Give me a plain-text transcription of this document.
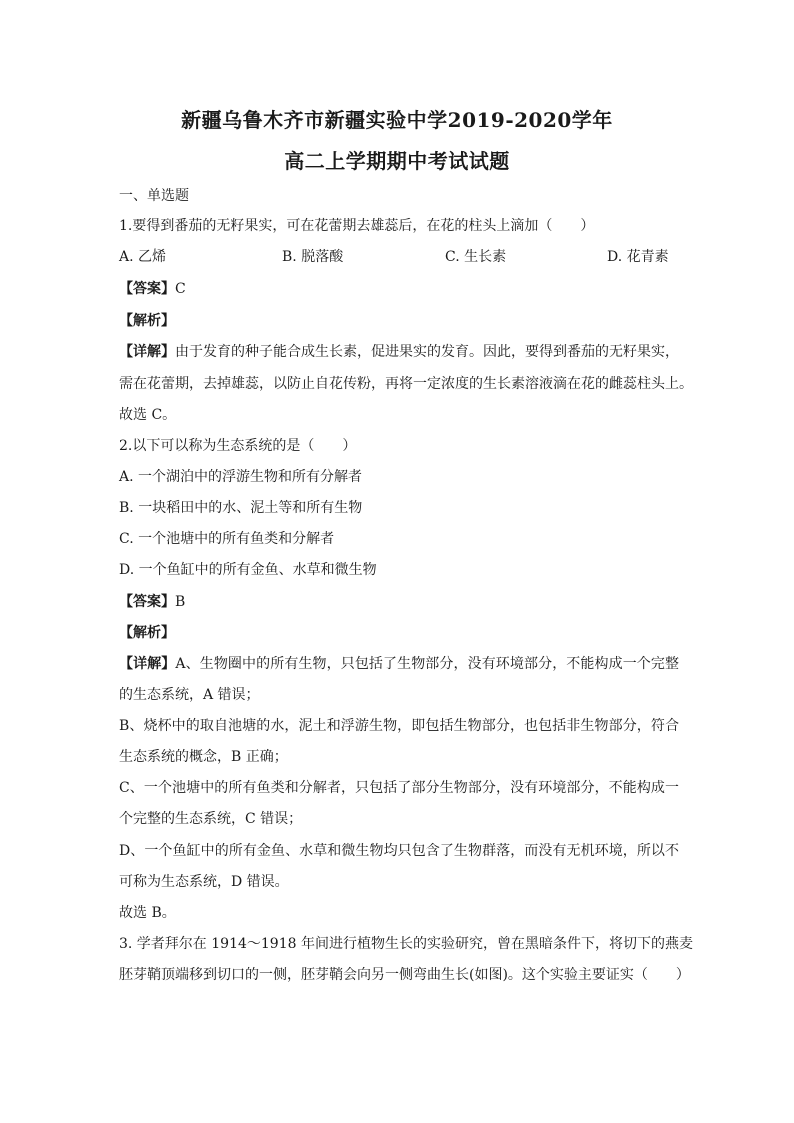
新疆乌鲁木齐市新疆实验中学2019-2020学年
高二上学期期中考试试题
一、单选题
1.要得到番茄的无籽果实，可在花蕾期去雄蕊后，在花的柱头上滴加（　　）
A. 乙烯	B. 脱落酸	C. 生长素	D. 花青素
【答案】C
【解析】
【详解】由于发育的种子能合成生长素，促进果实的发育。因此，要得到番茄的无籽果实，
需在花蕾期，去掉雄蕊，以防止自花传粉，再将一定浓度的生长素溶液滴在花的雌蕊柱头上。
故选 C。
2.以下可以称为生态系统的是（　　）
A. 一个湖泊中的浮游生物和所有分解者
B. 一块稻田中的水、泥土等和所有生物
C. 一个池塘中的所有鱼类和分解者
D. 一个鱼缸中的所有金鱼、水草和微生物
【答案】B
【解析】
【详解】A、生物圈中的所有生物，只包括了生物部分，没有环境部分，不能构成一个完整
的生态系统，A 错误；
B、烧杯中的取自池塘的水，泥土和浮游生物，即包括生物部分，也包括非生物部分，符合
生态系统的概念，B 正确；
C、一个池塘中的所有鱼类和分解者，只包括了部分生物部分，没有环境部分，不能构成一
个完整的生态系统，C 错误；
D、一个鱼缸中的所有金鱼、水草和微生物均只包含了生物群落，而没有无机环境，所以不
可称为生态系统，D 错误。
故选 B。
3. 学者拜尔在 1914～1918 年间进行植物生长的实验研究，曾在黑暗条件下，将切下的燕麦
胚芽鞘顶端移到切口的一侧，胚芽鞘会向另一侧弯曲生长(如图)。这个实验主要证实（　　）
